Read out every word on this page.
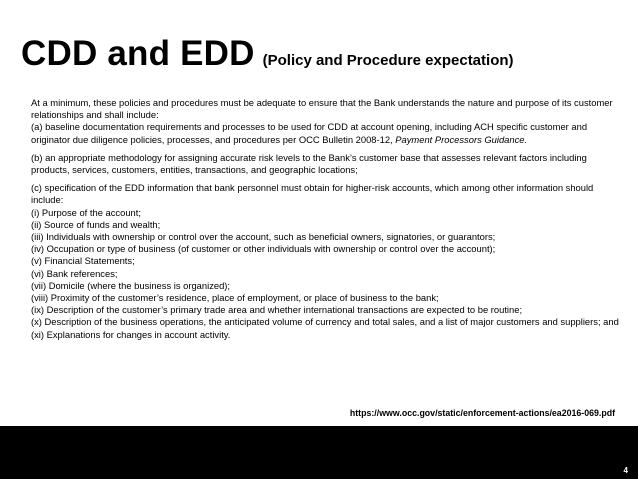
CDD and EDD (Policy and Procedure expectation)

At a minimum, these policies and procedures must be adequate to ensure that the Bank understands the nature and purpose of its customer relationships and shall include:

(a) baseline documentation requirements and processes to be used for CDD at account opening, including ACH specific customer and originator due diligence policies, processes, and procedures per OCC Bulletin 2008-12, Payment Processors Guidance.

(b) an appropriate methodology for assigning accurate risk levels to the Bank’s customer base that assesses relevant factors including products, services, customers, entities, transactions, and geographic locations;

(c) specification of the EDD information that bank personnel must obtain for higher-risk accounts, which among other information should include:

(i) Purpose of the account;

(ii) Source of funds and wealth;

(iii) Individuals with ownership or control over the account, such as beneficial owners, signatories, or guarantors;

(iv) Occupation or type of business (of customer or other individuals with ownership or control over the account);

(v) Financial Statements;

(vi) Bank references;

(vii) Domicile (where the business is organized);

(viii) Proximity of the customer’s residence, place of employment, or place of business to the bank;

(ix) Description of the customer’s primary trade area and whether international transactions are expected to be routine;

(x) Description of the business operations, the anticipated volume of currency and total sales, and a list of major customers and suppliers; and

(xi) Explanations for changes in account activity.

https://www.occ.gov/static/enforcement-actions/ea2016-069.pdf
4
